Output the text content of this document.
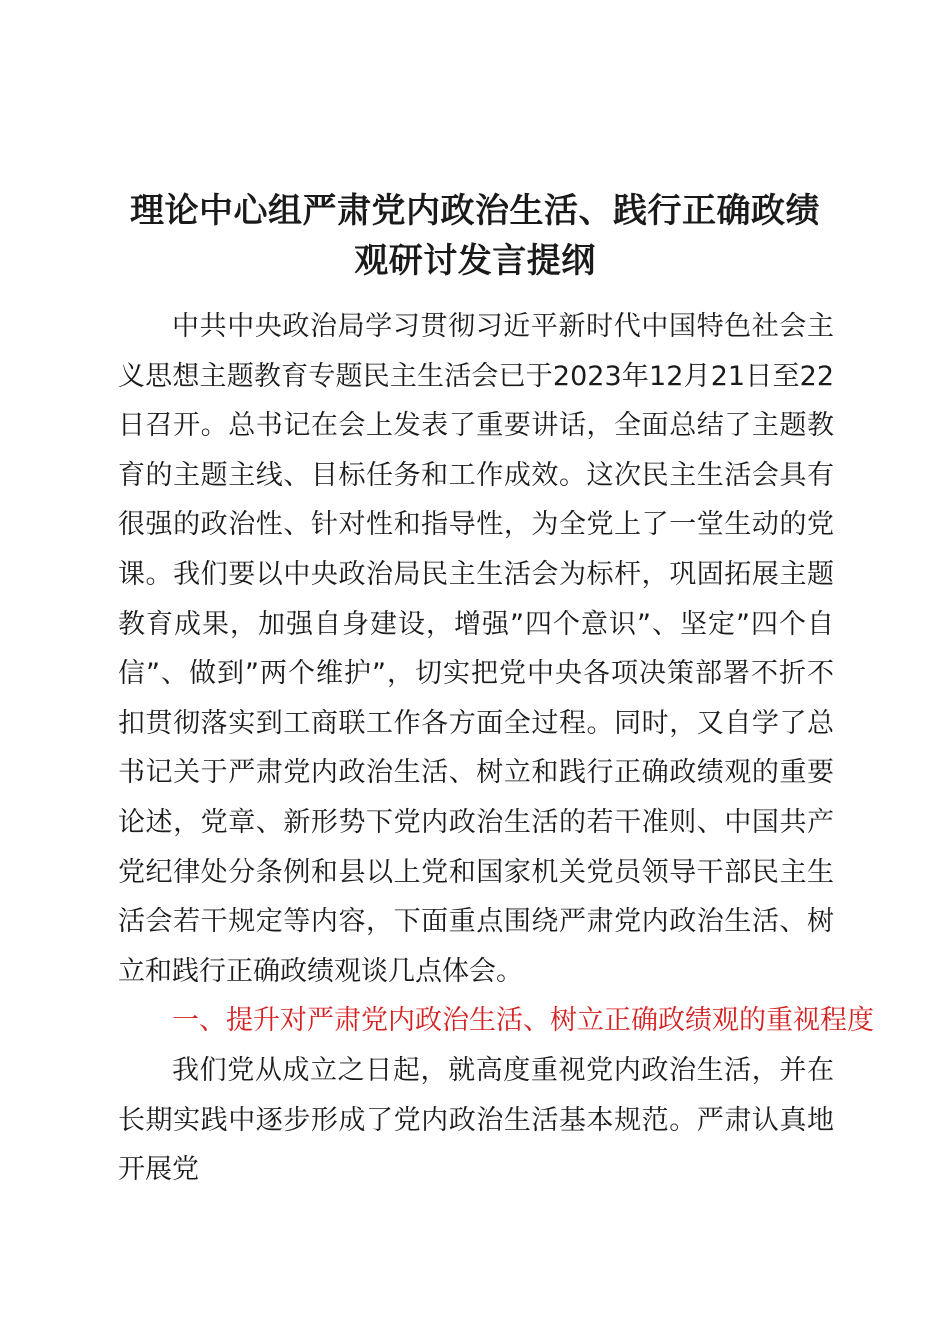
理论中心组严肃党内政治生活、践行正确政绩
观研讨发言提纲

中共中央政治局学习贯彻习近平新时代中国特色社会主义思想主题教育专题民主生活会已于2023年12月21日至22日召开。总书记在会上发表了重要讲话，全面总结了主题教育的主题主线、目标任务和工作成效。这次民主生活会具有很强的政治性、针对性和指导性，为全党上了一堂生动的党课。我们要以中央政治局民主生活会为标杆，巩固拓展主题教育成果，加强自身建设，增强”四个意识”、坚定”四个自信”、做到”两个维护”，切实把党中央各项决策部署不折不扣贯彻落实到工商联工作各方面全过程。同时，又自学了总书记关于严肃党内政治生活、树立和践行正确政绩观的重要论述，党章、新形势下党内政治生活的若干准则、中国共产党纪律处分条例和县以上党和国家机关党员领导干部民主生活会若干规定等内容，下面重点围绕严肃党内政治生活、树立和践行正确政绩观谈几点体会。

一、提升对严肃党内政治生活、树立正确政绩观的重视程度

我们党从成立之日起，就高度重视党内政治生活，并在长期实践中逐步形成了党内政治生活基本规范。严肃认真地开展党
